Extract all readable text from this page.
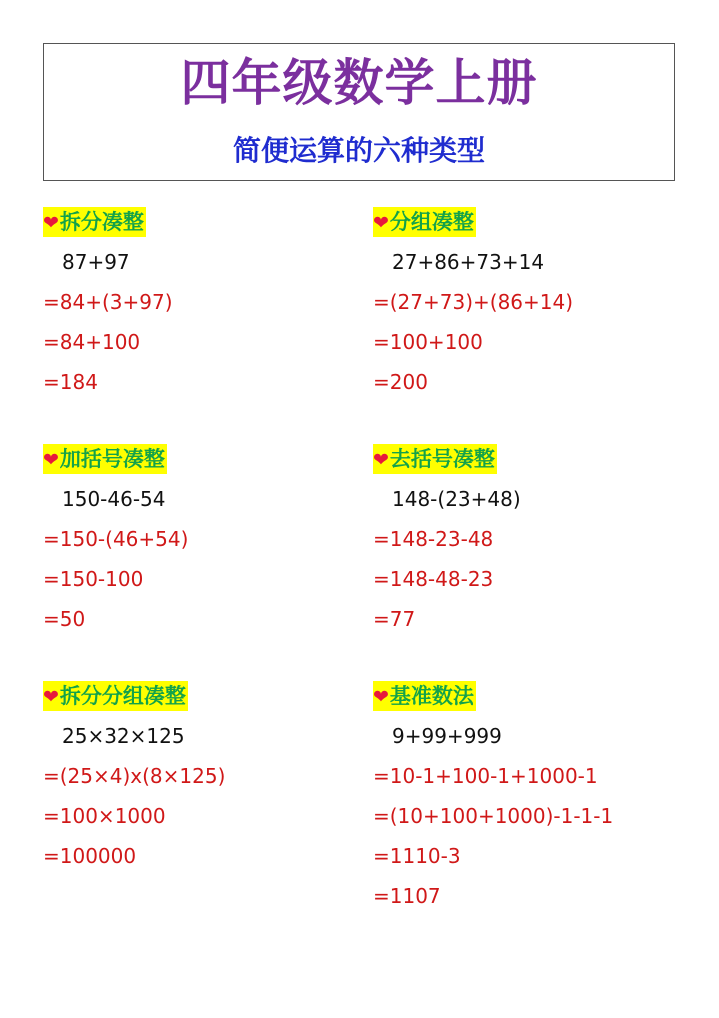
四年级数学上册
简便运算的六种类型
❤拆分凑整
87+97
=84+(3+97)
=84+100
=184
❤分组凑整
27+86+73+14
=(27+73)+(86+14)
=100+100
=200
❤加括号凑整
150-46-54
=150-(46+54)
=150-100
=50
❤去括号凑整
148-(23+48)
=148-23-48
=148-48-23
=77
❤拆分分组凑整
25×32×125
=(25×4)x(8×125)
=100×1000
=100000
❤基准数法
9+99+999
=10-1+100-1+1000-1
=(10+100+1000)-1-1-1
=1110-3
=1107
